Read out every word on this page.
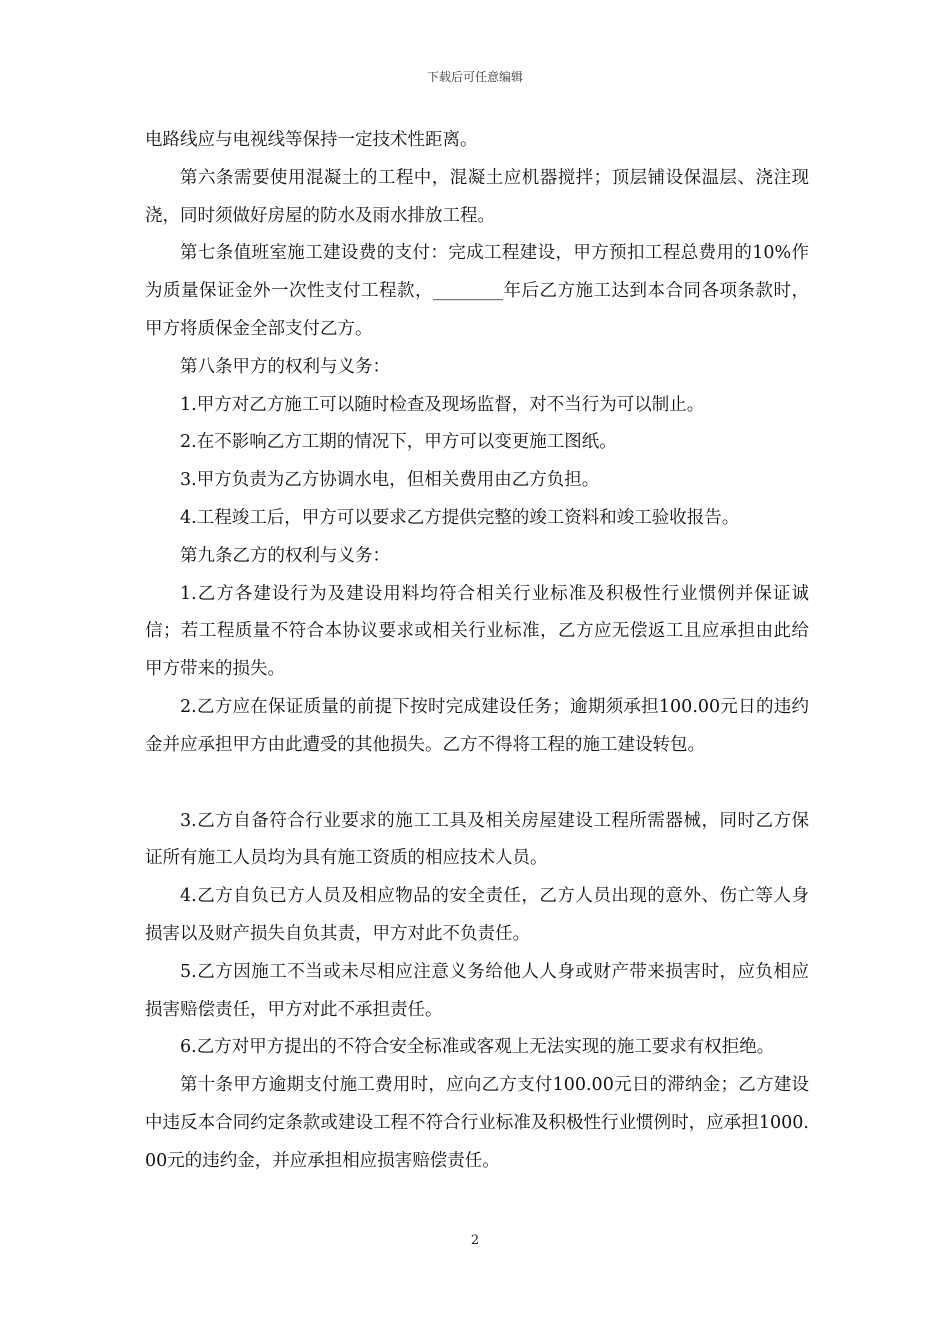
下载后可任意编辑

电路线应与电视线等保持一定技术性距离。

第六条需要使用混凝土的工程中，混凝土应机器搅拌；顶层铺设保温层、浇注现浇，同时须做好房屋的防水及雨水排放工程。

第七条值班室施工建设费的支付：完成工程建设，甲方预扣工程总费用的10%作为质量保证金外一次性支付工程款，________年后乙方施工达到本合同各项条款时，甲方将质保金全部支付乙方。

第八条甲方的权利与义务：

1.甲方对乙方施工可以随时检查及现场监督，对不当行为可以制止。

2.在不影响乙方工期的情况下，甲方可以变更施工图纸。

3.甲方负责为乙方协调水电，但相关费用由乙方负担。

4.工程竣工后，甲方可以要求乙方提供完整的竣工资料和竣工验收报告。

第九条乙方的权利与义务：

1.乙方各建设行为及建设用料均符合相关行业标准及积极性行业惯例并保证诚信；若工程质量不符合本协议要求或相关行业标准，乙方应无偿返工且应承担由此给甲方带来的损失。

2.乙方应在保证质量的前提下按时完成建设任务；逾期须承担100.00元日的违约金并应承担甲方由此遭受的其他损失。乙方不得将工程的施工建设转包。

3.乙方自备符合行业要求的施工工具及相关房屋建设工程所需器械，同时乙方保证所有施工人员均为具有施工资质的相应技术人员。

4.乙方自负已方人员及相应物品的安全责任，乙方人员出现的意外、伤亡等人身损害以及财产损失自负其责，甲方对此不负责任。

5.乙方因施工不当或未尽相应注意义务给他人人身或财产带来损害时，应负相应损害赔偿责任，甲方对此不承担责任。

6.乙方对甲方提出的不符合安全标准或客观上无法实现的施工要求有权拒绝。

第十条甲方逾期支付施工费用时，应向乙方支付100.00元日的滞纳金；乙方建设中违反本合同约定条款或建设工程不符合行业标准及积极性行业惯例时，应承担1000.00元的违约金，并应承担相应损害赔偿责任。

2
